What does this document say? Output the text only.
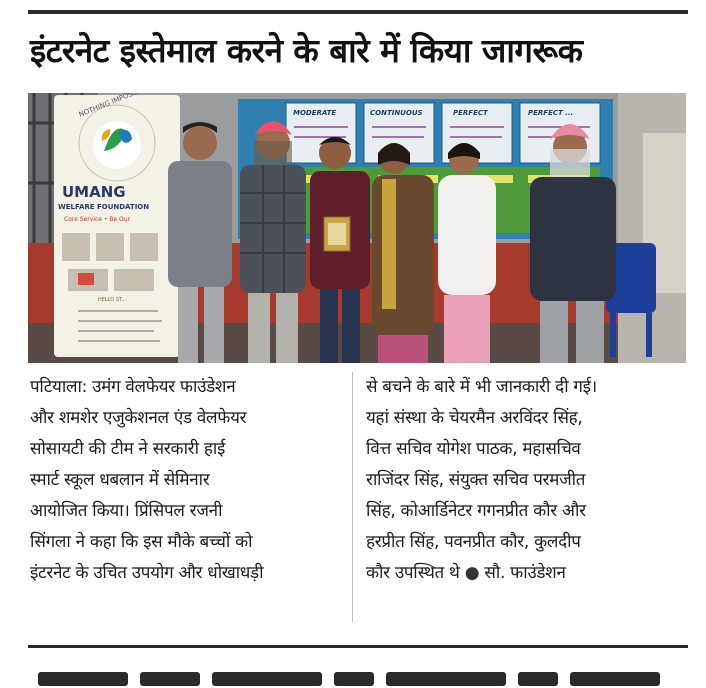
इंटरनेट इस्तेमाल करने के बारे में किया जागरूक
MODERATE	CONTINUOUS	PERFECT	PERFECT ...
UMANG
WELFARE FOUNDATION
Core Service • Be Our
HELLO ST...
पटियाला: उमंग वेलफेयर फाउंडेशन
और शमशेर एजुकेशनल एंड वेलफेयर
सोसायटी की टीम ने सरकारी हाई
स्मार्ट स्कूल धबलान में सेमिनार
आयोजित किया। प्रिंसिपल रजनी
सिंगला ने कहा कि इस मौके बच्चों को
इंटरनेट के उचित उपयोग और धोखाधड़ी
से बचने के बारे में भी जानकारी दी गई।
यहां संस्था के चेयरमैन अरविंदर सिंह,
वित्त सचिव योगेश पाठक, महासचिव
राजिंदर सिंह, संयुक्त सचिव परमजीत
सिंह, कोआर्डिनेटर गगनप्रीत कौर और
हरप्रीत सिंह, पवनप्रीत कौर, कुलदीप
कौर उपस्थित थे ● सौ. फाउंडेशन
